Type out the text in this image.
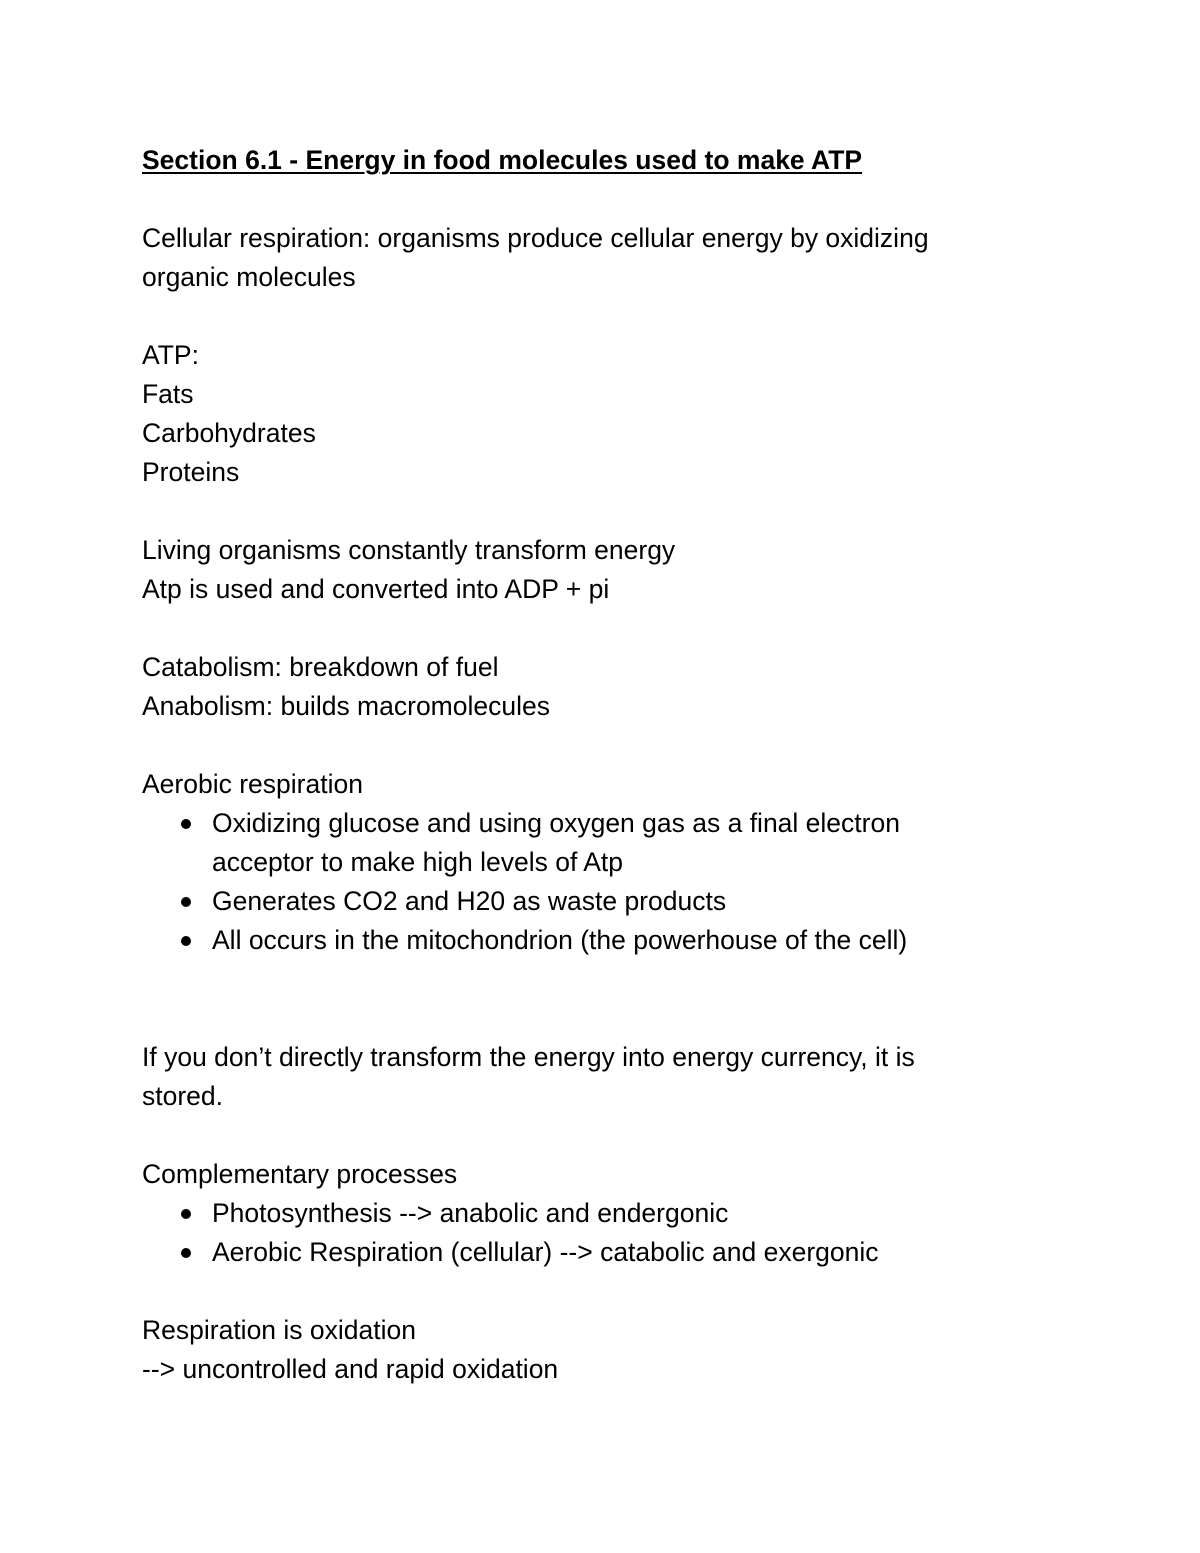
Section 6.1 - Energy in food molecules used to make ATP

Cellular respiration: organisms produce cellular energy by oxidizing

organic molecules

ATP:

Fats

Carbohydrates

Proteins

Living organisms constantly transform energy

Atp is used and converted into ADP + pi

Catabolism: breakdown of fuel

Anabolism: builds macromolecules

Aerobic respiration

Oxidizing glucose and using oxygen gas as a final electron
acceptor to make high levels of Atp
Generates CO2 and H20 as waste products
All occurs in the mitochondrion (the powerhouse of the cell)

If you don’t directly transform the energy into energy currency, it is

stored.

Complementary processes

Photosynthesis --> anabolic and endergonic
Aerobic Respiration (cellular) --> catabolic and exergonic

Respiration is oxidation

--> uncontrolled and rapid oxidation
